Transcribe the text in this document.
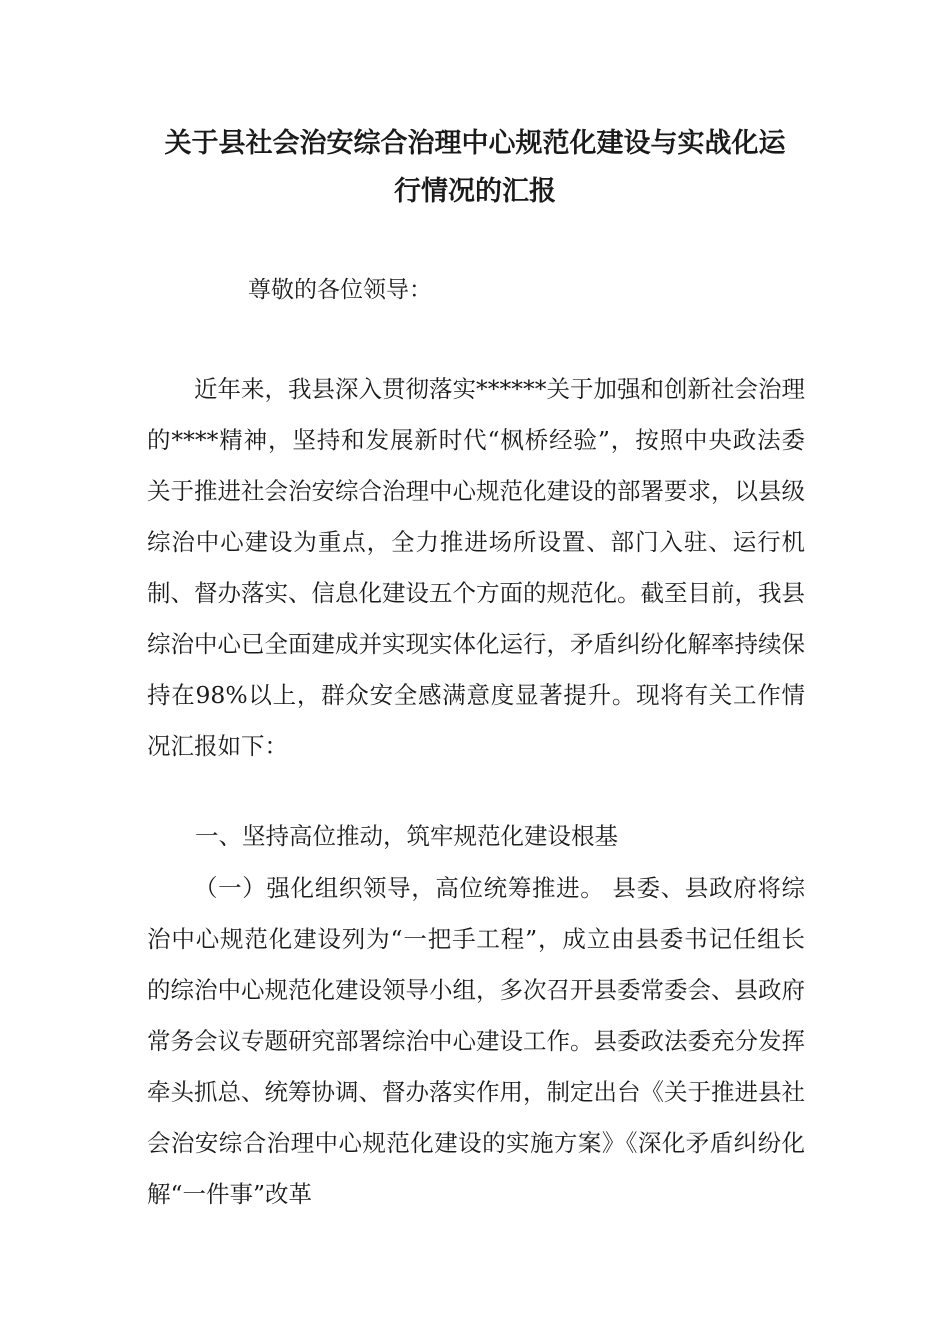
关于县社会治安综合治理中心规范化建设与实战化运
行情况的汇报

尊敬的各位领导：

近年来，我县深入贯彻落实******关于加强和创新社会治理的****精神，坚持和发展新时代“枫桥经验”，按照中央政法委关于推进社会治安综合治理中心规范化建设的部署要求，以县级综治中心建设为重点，全力推进场所设置、部门入驻、运行机制、督办落实、信息化建设五个方面的规范化。截至目前，我县综治中心已全面建成并实现实体化运行，矛盾纠纷化解率持续保持在98%以上，群众安全感满意度显著提升。现将有关工作情况汇报如下：

一、坚持高位推动，筑牢规范化建设根基

（一）强化组织领导，高位统筹推进。 县委、县政府将综治中心规范化建设列为“一把手工程”，成立由县委书记任组长的综治中心规范化建设领导小组，多次召开县委常委会、县政府常务会议专题研究部署综治中心建设工作。县委政法委充分发挥牵头抓总、统筹协调、督办落实作用，制定出台《关于推进县社会治安综合治理中心规范化建设的实施方案》《深化矛盾纠纷化解“一件事”改革
